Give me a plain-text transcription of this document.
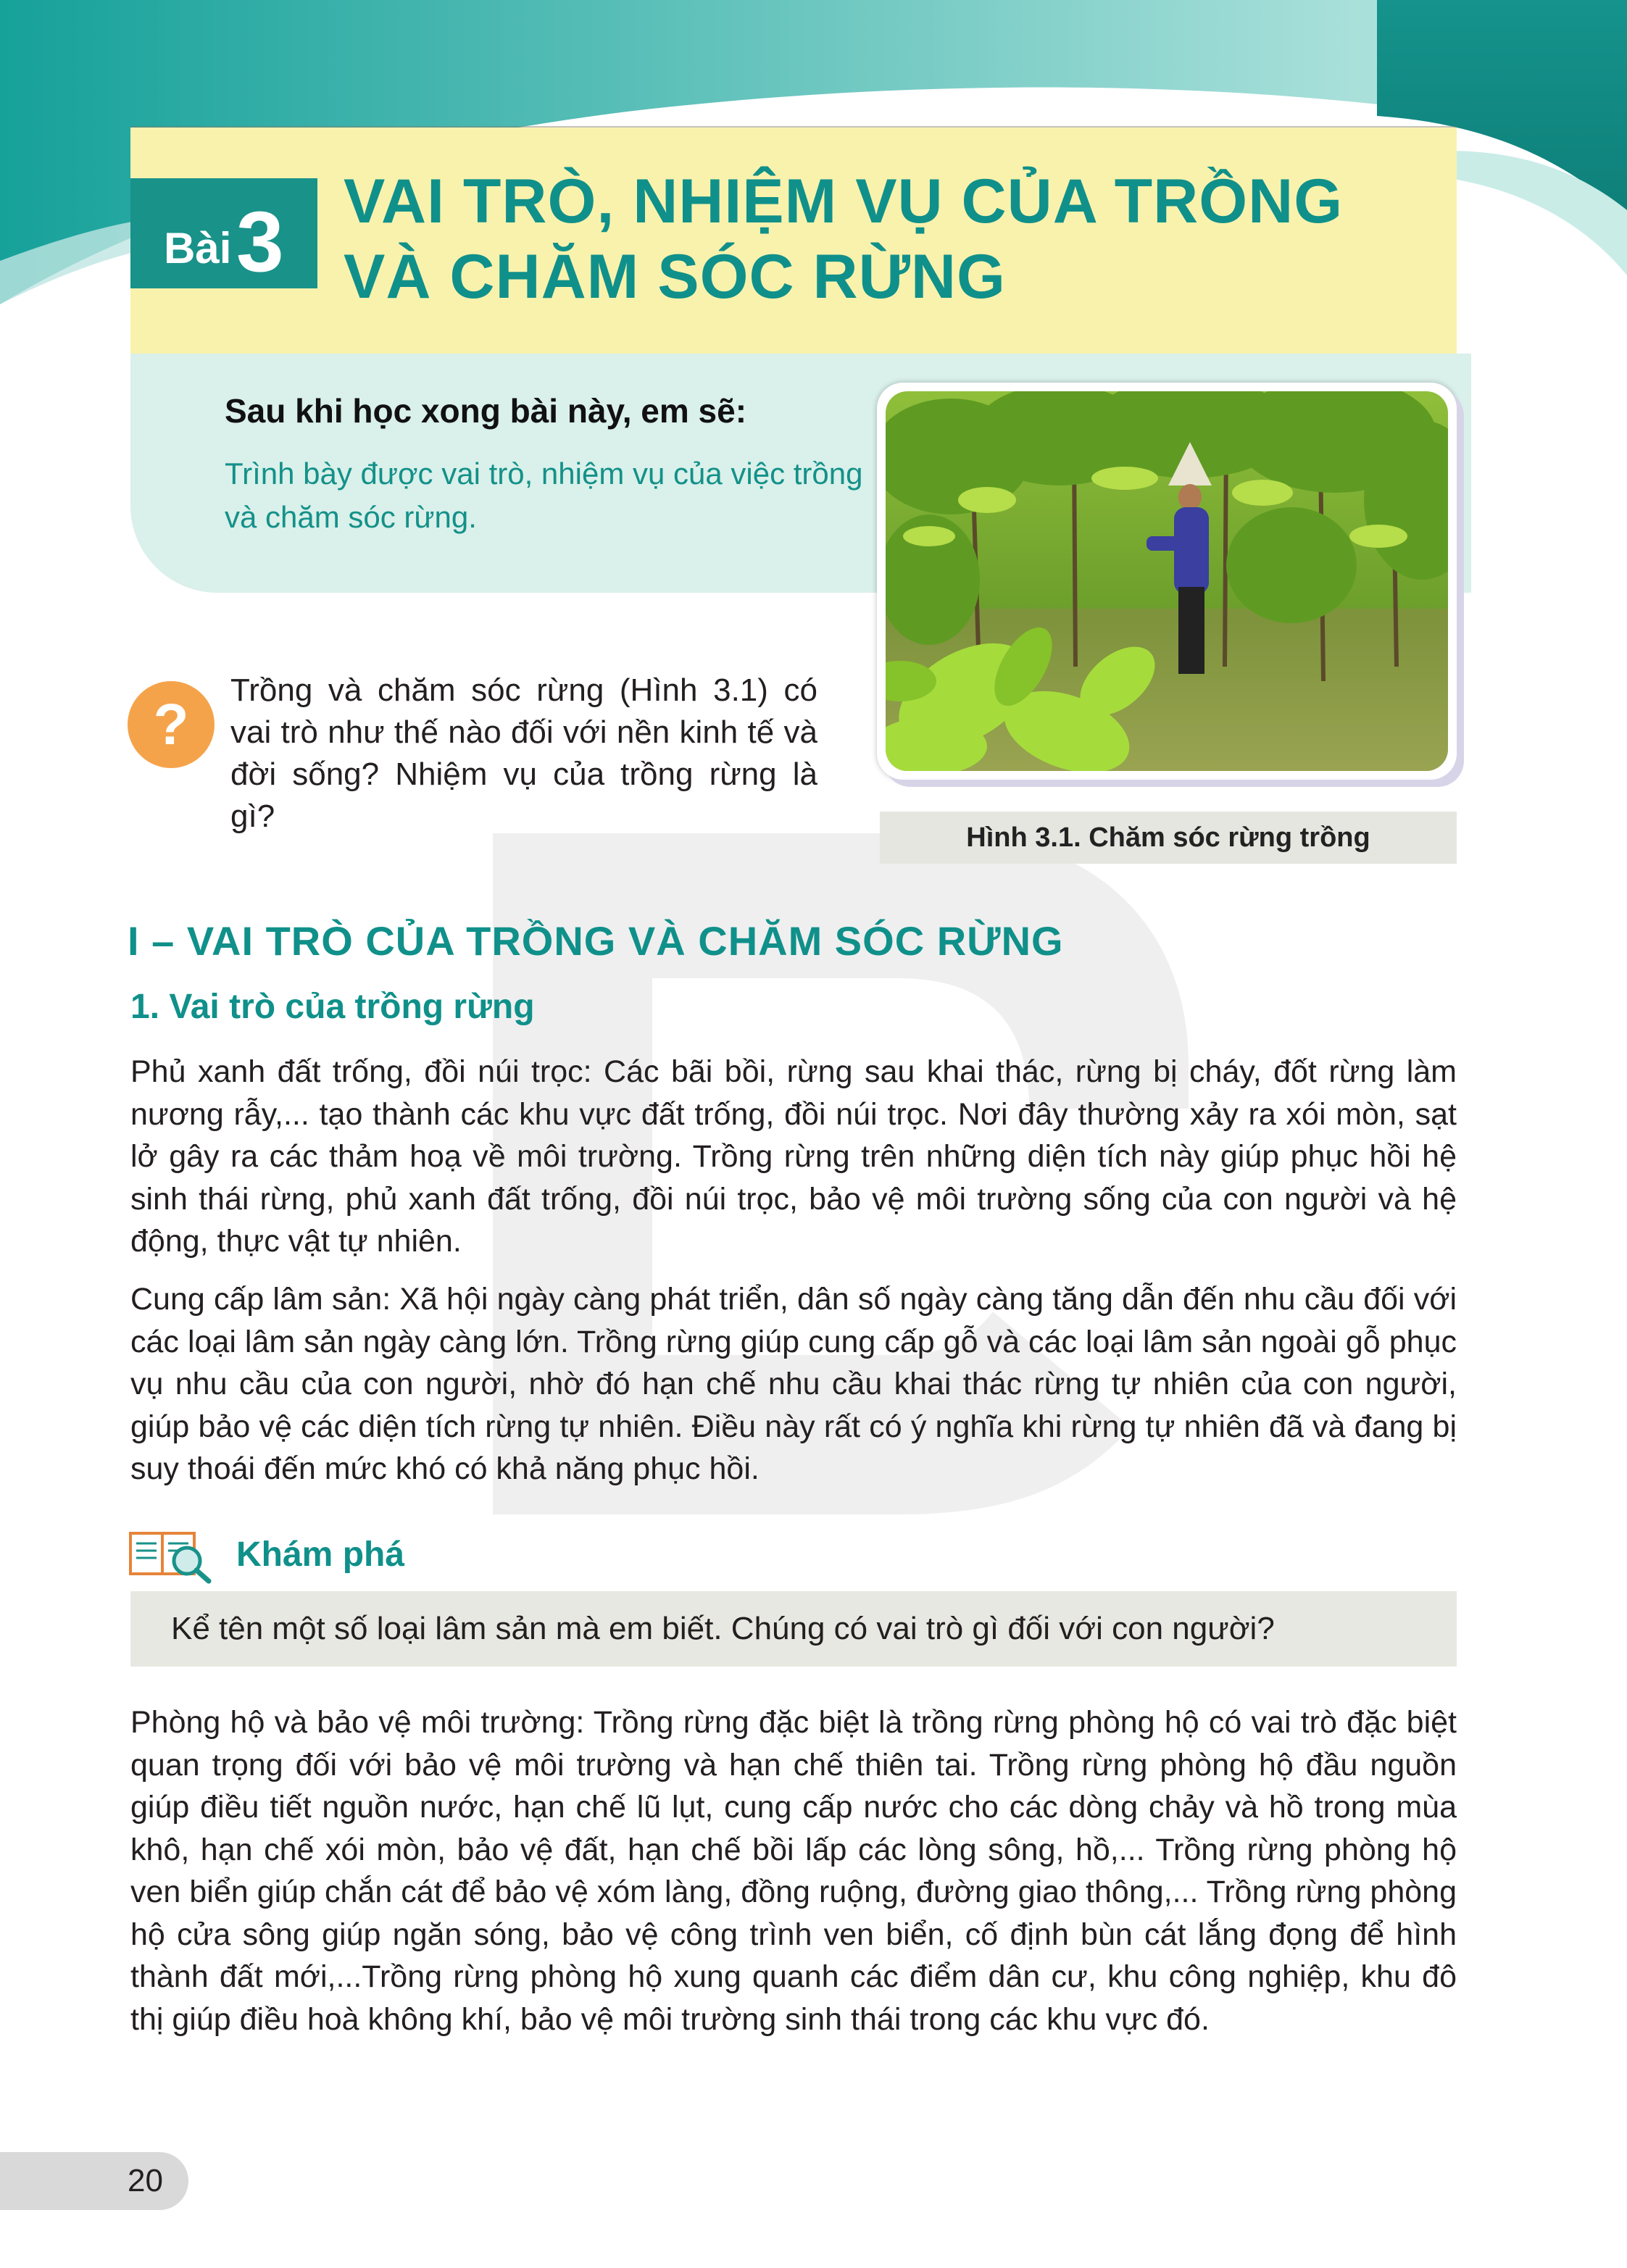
Bài 3 VAI TRÒ, NHIỆM VỤ CỦA TRỒNG VÀ CHĂM SÓC RỪNG
Sau khi học xong bài này, em sẽ:
Trình bày được vai trò, nhiệm vụ của việc trồng và chăm sóc rừng.
Hình 3.1. Chăm sóc rừng trồng
?
Trồng và chăm sóc rừng (Hình 3.1) có vai trò như thế nào đối với nền kinh tế và đời sống? Nhiệm vụ của trồng rừng là gì?
I – VAI TRÒ CỦA TRỒNG VÀ CHĂM SÓC RỪNG
1. Vai trò của trồng rừng

Phủ xanh đất trống, đồi núi trọc: Các bãi bồi, rừng sau khai thác, rừng bị cháy, đốt rừng làm nương rẫy,... tạo thành các khu vực đất trống, đồi núi trọc. Nơi đây thường xảy ra xói mòn, sạt lở gây ra các thảm hoạ về môi trường. Trồng rừng trên những diện tích này giúp phục hồi hệ sinh thái rừng, phủ xanh đất trống, đồi núi trọc, bảo vệ môi trường sống của con người và hệ động, thực vật tự nhiên.

Cung cấp lâm sản: Xã hội ngày càng phát triển, dân số ngày càng tăng dẫn đến nhu cầu đối với các loại lâm sản ngày càng lớn. Trồng rừng giúp cung cấp gỗ và các loại lâm sản ngoài gỗ phục vụ nhu cầu của con người, nhờ đó hạn chế nhu cầu khai thác rừng tự nhiên của con người, giúp bảo vệ các diện tích rừng tự nhiên. Điều này rất có ý nghĩa khi rừng tự nhiên đã và đang bị suy thoái đến mức khó có khả năng phục hồi.

Khám phá
Kể tên một số loại lâm sản mà em biết. Chúng có vai trò gì đối với con người?

Phòng hộ và bảo vệ môi trường: Trồng rừng đặc biệt là trồng rừng phòng hộ có vai trò đặc biệt quan trọng đối với bảo vệ môi trường và hạn chế thiên tai. Trồng rừng phòng hộ đầu nguồn giúp điều tiết nguồn nước, hạn chế lũ lụt, cung cấp nước cho các dòng chảy và hồ trong mùa khô, hạn chế xói mòn, bảo vệ đất, hạn chế bồi lấp các lòng sông, hồ,... Trồng rừng phòng hộ ven biển giúp chắn cát để bảo vệ xóm làng, đồng ruộng, đường giao thông,... Trồng rừng phòng hộ cửa sông giúp ngăn sóng, bảo vệ công trình ven biển, cố định bùn cát lắng đọng để hình thành đất mới,...Trồng rừng phòng hộ xung quanh các điểm dân cư, khu công nghiệp, khu đô thị giúp điều hoà không khí, bảo vệ môi trường sinh thái trong các khu vực đó.

20
